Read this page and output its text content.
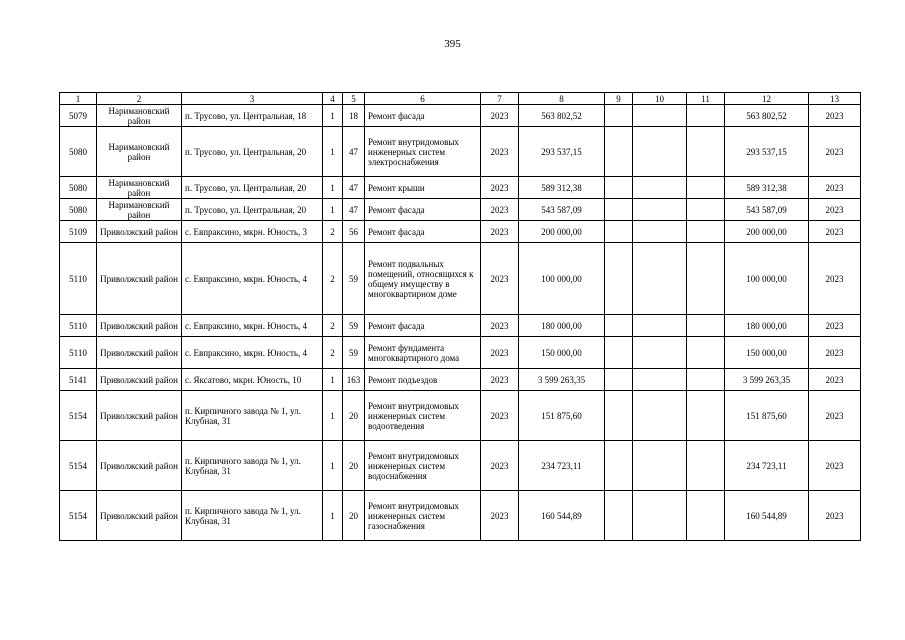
395
1	2	3	4	5	6	7	8	9	10	11	12	13
5079	Наримановский район	п. Трусово, ул. Центральная, 18	1	18	Ремонт фасада	2023	563 802,52				563 802,52	2023
5080	Наримановский район	п. Трусово, ул. Центральная, 20	1	47	Ремонт внутридомовых инженерных систем электроснабжения	2023	293 537,15				293 537,15	2023
5080	Наримановский район	п. Трусово, ул. Центральная, 20	1	47	Ремонт крыши	2023	589 312,38				589 312,38	2023
5080	Наримановский район	п. Трусово, ул. Центральная, 20	1	47	Ремонт фасада	2023	543 587,09				543 587,09	2023
5109	Приволжский район	с. Евпраксино, мкрн. Юность, 3	2	56	Ремонт фасада	2023	200 000,00				200 000,00	2023
5110	Приволжский район	с. Евпраксино, мкрн. Юность, 4	2	59	Ремонт подвальных помещений, относящихся к общему имуществу в многоквартирном доме	2023	100 000,00				100 000,00	2023
5110	Приволжский район	с. Евпраксино, мкрн. Юность, 4	2	59	Ремонт фасада	2023	180 000,00				180 000,00	2023
5110	Приволжский район	с. Евпраксино, мкрн. Юность, 4	2	59	Ремонт фундамента многоквартирного дома	2023	150 000,00				150 000,00	2023
5141	Приволжский район	с. Яксатово, мкрн. Юность, 10	1	163	Ремонт подъездов	2023	3 599 263,35				3 599 263,35	2023
5154	Приволжский район	п. Кирпичного завода № 1, ул. Клубная, 31	1	20	Ремонт внутридомовых инженерных систем водоотведения	2023	151 875,60				151 875,60	2023
5154	Приволжский район	п. Кирпичного завода № 1, ул. Клубная, 31	1	20	Ремонт внутридомовых инженерных систем водоснабжения	2023	234 723,11				234 723,11	2023
5154	Приволжский район	п. Кирпичного завода № 1, ул. Клубная, 31	1	20	Ремонт внутридомовых инженерных систем газоснабжения	2023	160 544,89				160 544,89	2023
